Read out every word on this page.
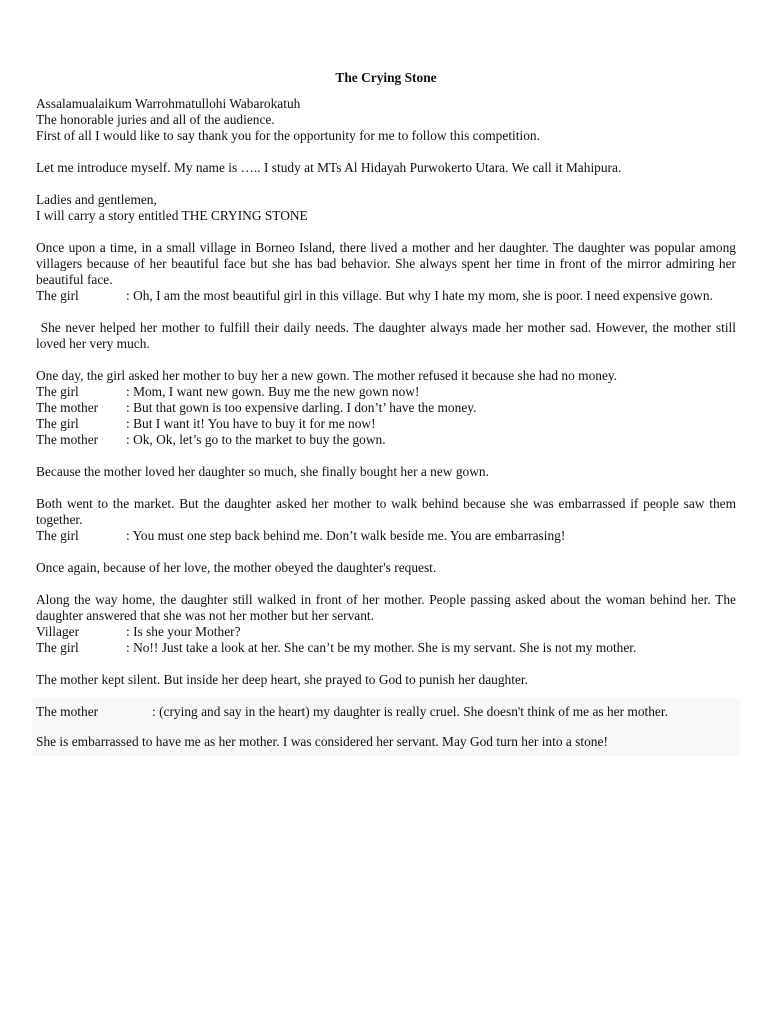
The Crying Stone
Assalamualaikum Warrohmatullohi Wabarokatuh
The honorable juries and all of the audience.
First of all I would like to say thank you for the opportunity for me to follow this competition.
Let me introduce myself. My name is ….. I study at MTs Al Hidayah Purwokerto Utara. We call it Mahipura.
Ladies and gentlemen,
I will carry a story entitled THE CRYING STONE
Once upon a time, in a small village in Borneo Island, there lived a mother and her daughter. The daughter was popular among villagers because of her beautiful face but she has bad behavior. She always spent her time in front of the mirror admiring her beautiful face.
The girl	: Oh, I am the most beautiful girl in this village. But why I hate my mom, she is poor. I need expensive gown.
She never helped her mother to fulfill their daily needs. The daughter always made her mother sad. However, the mother still loved her very much.
One day, the girl asked her mother to buy her a new gown. The mother refused it because she had no money.
The girl	: Mom, I want new gown. Buy me the new gown now!
The mother : But that gown is too expensive darling. I don’t’ have the money.
The girl	: But I want it! You have to buy it for me now!
The mother : Ok, Ok, let’s go to the market to buy the gown.
Because the mother loved her daughter so much, she finally bought her a new gown.
Both went to the market. But the daughter asked her mother to walk behind because she was embarrassed if people saw them together.
The girl	: You must one step back behind me. Don’t walk beside me. You are embarrasing!
Once again, because of her love, the mother obeyed the daughter's request.
Along the way home, the daughter still walked in front of her mother. People passing asked about the woman behind her. The daughter answered that she was not her mother but her servant.
Villager	: Is she your Mother?
The girl	: No!! Just take a look at her. She can’t be my mother. She is my servant. She is not my mother.
The mother kept silent. But inside her deep heart, she prayed to God to punish her daughter.
The mother	: (crying and say in the heart) my daughter is really cruel. She doesn't think of me as her mother.
She is embarrassed to have me as her mother. I was considered her servant. May God turn her into a stone!
